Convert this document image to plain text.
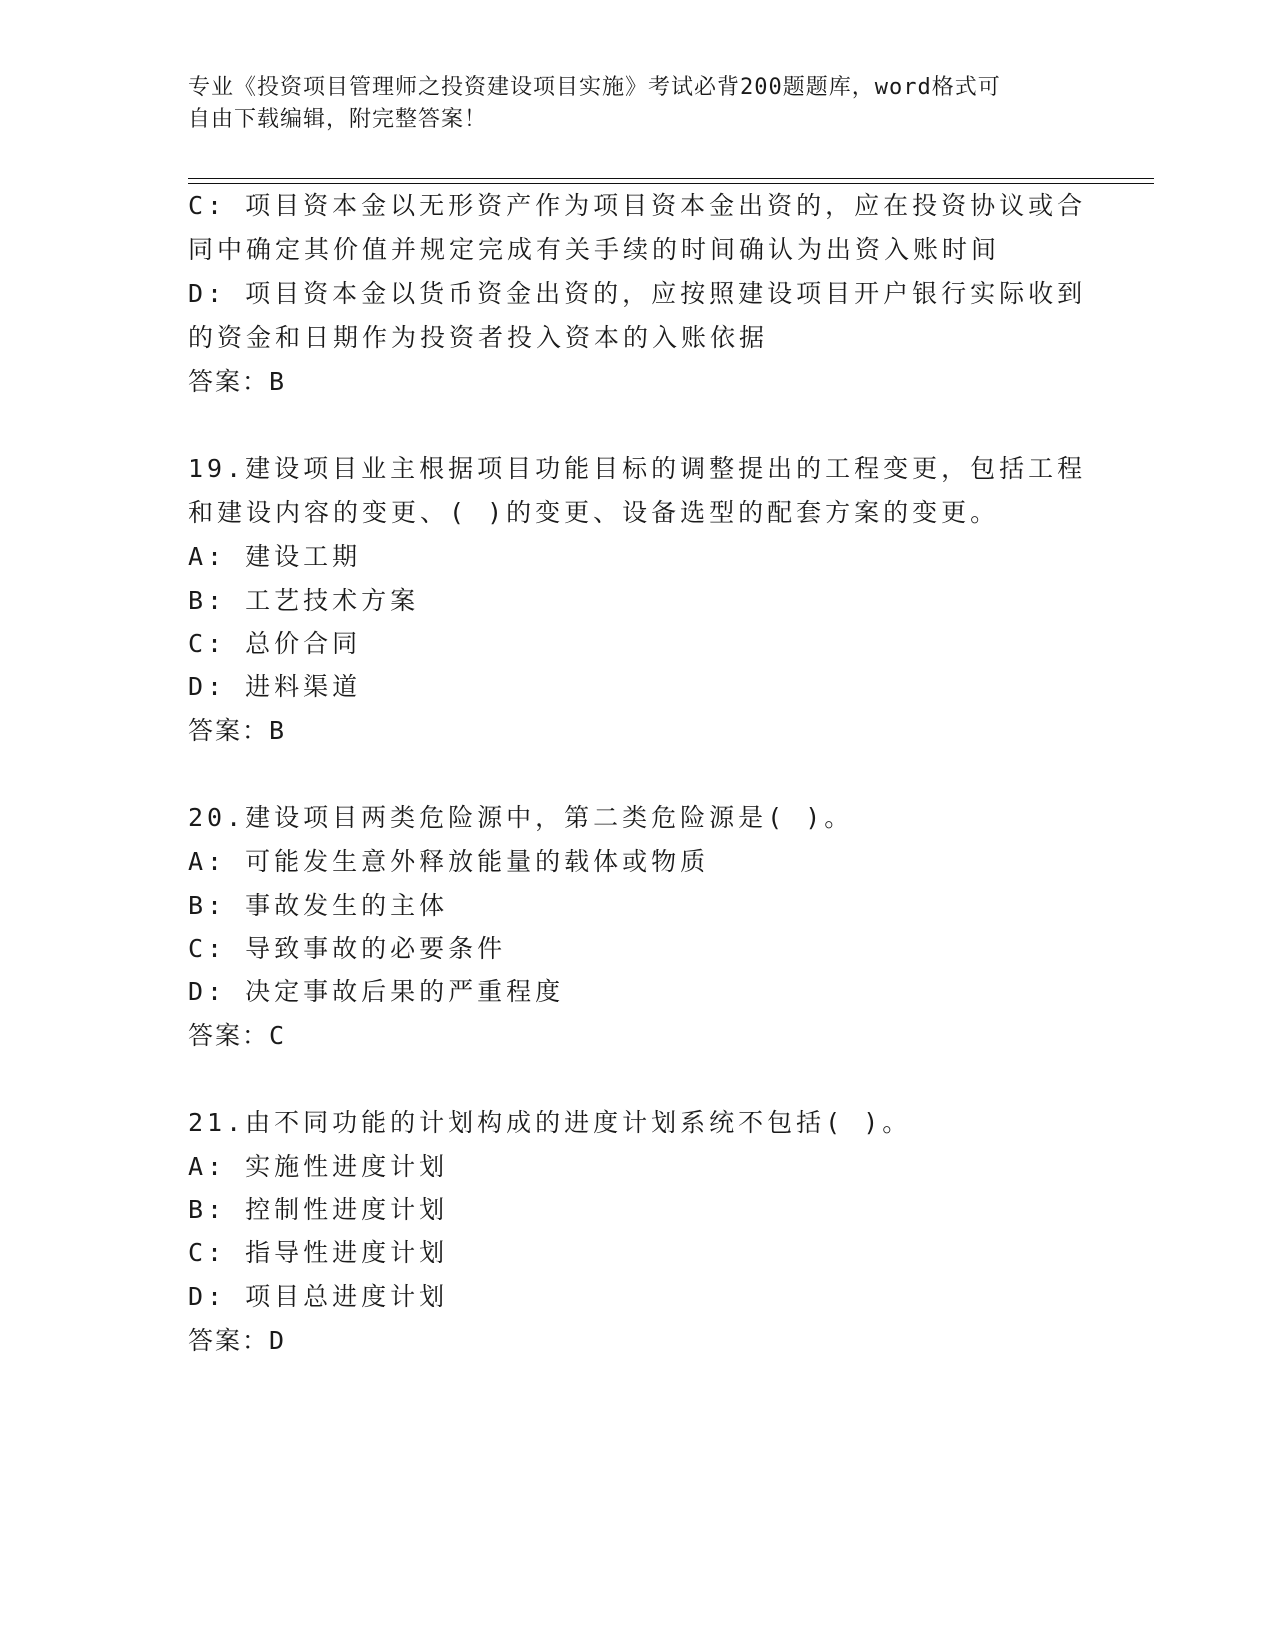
专业《投资项目管理师之投资建设项目实施》考试必背200题题库，word格式可
自由下载编辑，附完整答案！
C: 项目资本金以无形资产作为项目资本金出资的，应在投资协议或合
同中确定其价值并规定完成有关手续的时间确认为出资入账时间
D: 项目资本金以货币资金出资的，应按照建设项目开户银行实际收到
的资金和日期作为投资者投入资本的入账依据
答案：B
19.建设项目业主根据项目功能目标的调整提出的工程变更，包括工程
和建设内容的变更、( )的变更、设备选型的配套方案的变更。
A: 建设工期
B: 工艺技术方案
C: 总价合同
D: 进料渠道
答案：B
20.建设项目两类危险源中，第二类危险源是( )。
A: 可能发生意外释放能量的载体或物质
B: 事故发生的主体
C: 导致事故的必要条件
D: 决定事故后果的严重程度
答案：C
21.由不同功能的计划构成的进度计划系统不包括( )。
A: 实施性进度计划
B: 控制性进度计划
C: 指导性进度计划
D: 项目总进度计划
答案：D
